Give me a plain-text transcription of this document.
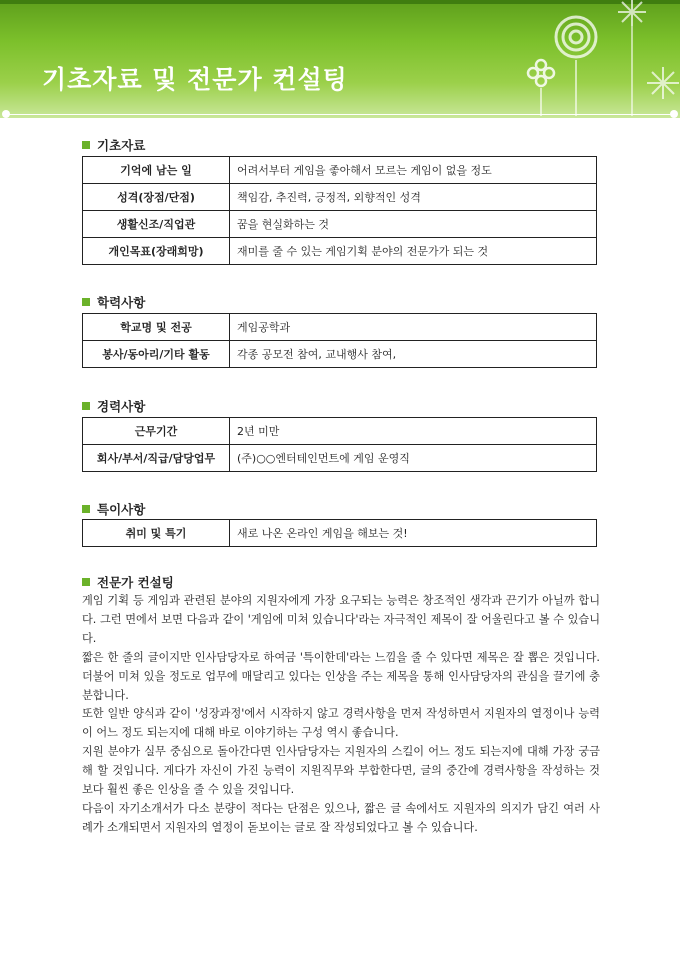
기초자료 및 전문가 컨설팅
기초자료
기억에 남는 일	어려서부터 게임을 좋아해서 모르는 게임이 없을 정도
성격(장점/단점)	책임감, 추진력, 긍정적, 외향적인 성격
생활신조/직업관	꿈을 현실화하는 것
개인목표(장래희망)	재미를 줄 수 있는 게임기획 분야의 전문가가 되는 것
학력사항
학교명 및 전공	게임공학과
봉사/동아리/기타 활동	각종 공모전 참여, 교내행사 참여,
경력사항
근무기간	2년 미만
회사/부서/직급/담당업무	(주)○○엔터테인먼트에 게임 운영직
특이사항
취미 및 특기	새로 나온 온라인 게임을 해보는 것!
전문가 컨설팅

게임 기획 등 게임과 관련된 분야의 지원자에게 가장 요구되는 능력은 창조적인 생각과 끈기가 아닐까 합니다. 그런 면에서 보면 다음과 같이 '게임에 미쳐 있습니다'라는 자극적인 제목이 잘 어울린다고 볼 수 있습니다.

짧은 한 줄의 글이지만 인사담당자로 하여금 '특이한데'라는 느낌을 줄 수 있다면 제목은 잘 뽑은 것입니다. 더불어 미쳐 있을 정도로 업무에 매달리고 있다는 인상을 주는 제목을 통해 인사담당자의 관심을 끌기에 충분합니다.

또한 일반 양식과 같이 '성장과정'에서 시작하지 않고 경력사항을 먼저 작성하면서 지원자의 열정이나 능력이 어느 정도 되는지에 대해 바로 이야기하는 구성 역시 좋습니다.

지원 분야가 실무 중심으로 돌아간다면 인사담당자는 지원자의 스킬이 어느 정도 되는지에 대해 가장 궁금해 할 것입니다. 게다가 자신이 가진 능력이 지원직무와 부합한다면, 글의 중간에 경력사항을 작성하는 것보다 훨씬 좋은 인상을 줄 수 있을 것입니다.

다음이 자기소개서가 다소 분량이 적다는 단점은 있으나, 짧은 글 속에서도 지원자의 의지가 담긴 여러 사례가 소개되면서 지원자의 열정이 돋보이는 글로 잘 작성되었다고 볼 수 있습니다.
